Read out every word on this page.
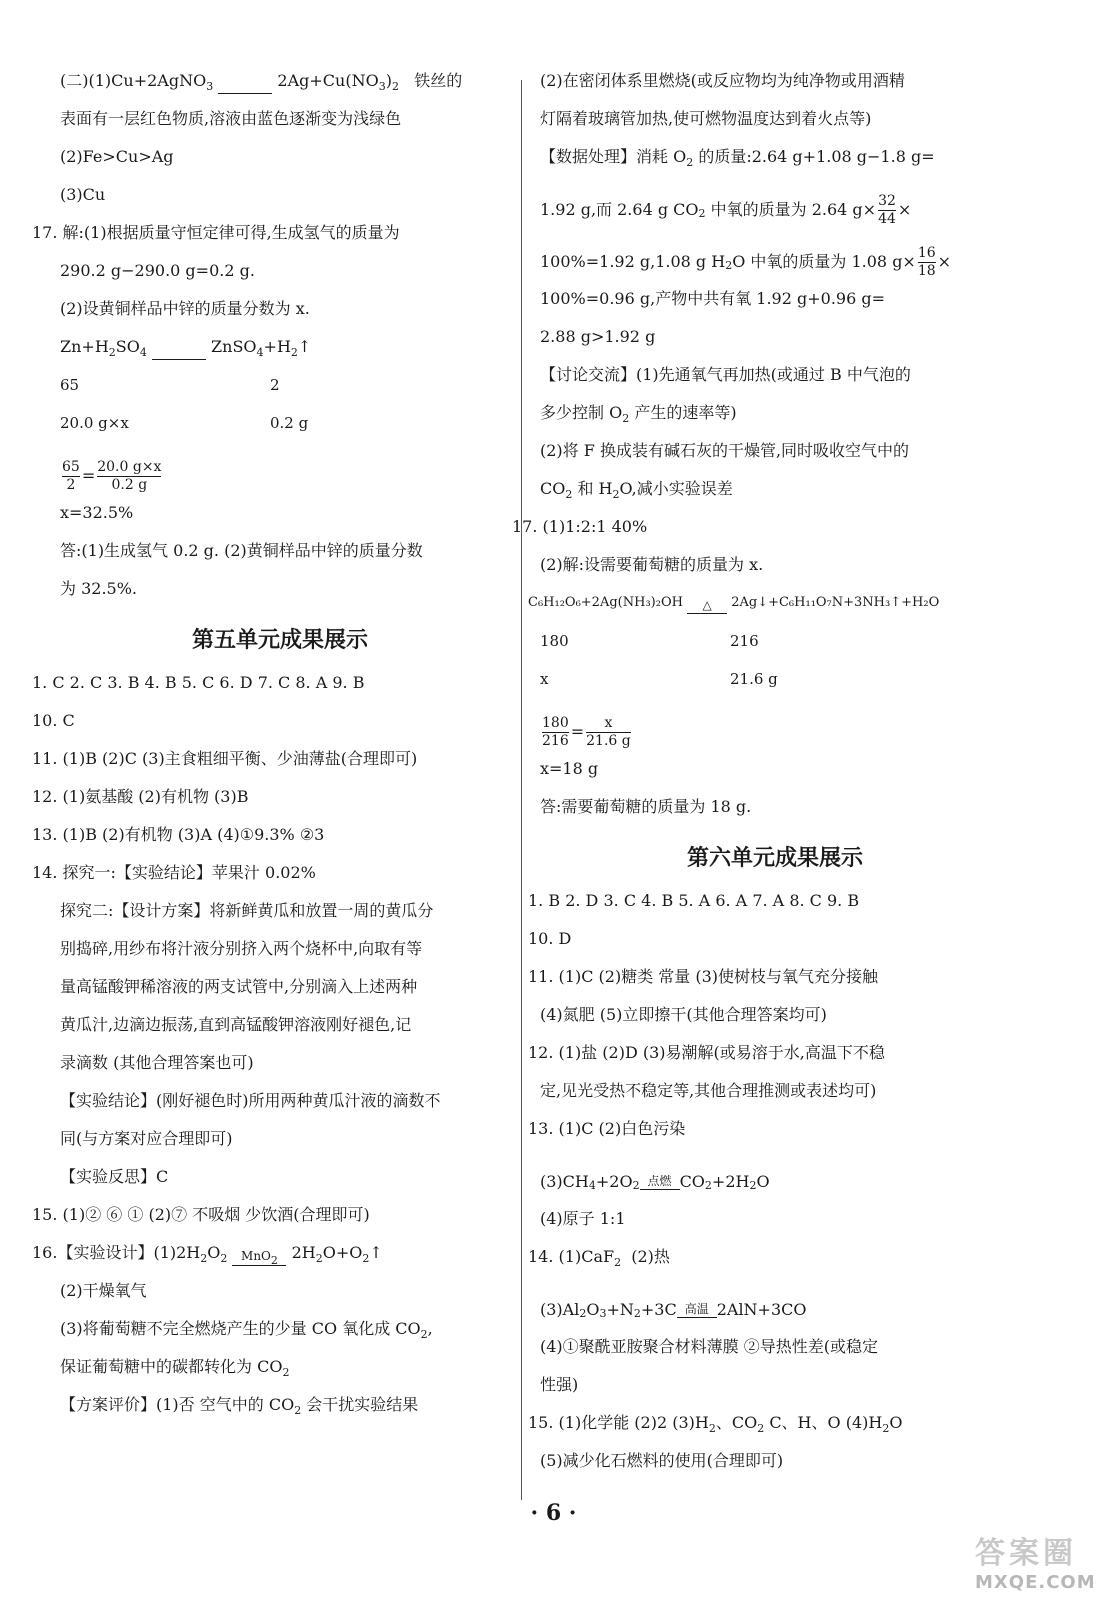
(二)(1)Cu+2AgNO$_3$	$2Ag+Cu(NO_3)_2$ 铁丝的
表面有一层红色物质,溶液由蓝色逐渐变为浅绿色
(2)Fe>Cu>Ag
(3)Cu
17. 解:(1)根据质量守恒定律可得,生成氢气的质量为
290.2 g−290.0 g=0.2 g.
(2)设黄铜样品中锌的质量分数为 x.
$Zn+H_2SO_4$	$ZnSO_4+H_2↑$
65	2
20.0 g×x	0.2 g
$\frac{65}{2} = \frac{20.0 g\times x}{0.2 g}$
x=32.5%
答:(1)生成氢气 0.2 g. (2)黄铜样品中锌的质量分数
为 32.5%.
第五单元成果展示
1. C 2. C 3. B 4. B 5. C 6. D 7. C 8. A 9. B
10. C
11. (1)B (2)C (3)主食粗细平衡、少油薄盐(合理即可)
12. (1)氨基酸 (2)有机物 (3)B
13. (1)B (2)有机物 (3)A (4)①9.3% ②3
14. 探究一:【实验结论】苹果汁 0.02%
探究二:【设计方案】将新鲜黄瓜和放置一周的黄瓜分
别捣碎,用纱布将汁液分别挤入两个烧杯中,向取有等
量高锰酸钾稀溶液的两支试管中,分别滴入上述两种
黄瓜汁,边滴边振荡,直到高锰酸钾溶液刚好褪色,记
录滴数 (其他合理答案也可)
【实验结论】(刚好褪色时)所用两种黄瓜汁液的滴数不
同(与方案对应合理即可)
【实验反思】C
15. (1)② ⑥ ① (2)⑦ 不吸烟 少饮酒(合理即可)
16.【实验设计】$(1)2H_2O_2$ MnO2 $2H_2O+O_2↑$
(2)干燥氧气
(3)将葡萄糖不完全燃烧产生的少量 CO 氧化成 $CO_2$,
保证葡萄糖中的碳都转化为 $CO_2$
【方案评价】(1)否 空气中的 $CO_2$ 会干扰实验结果
(2)在密闭体系里燃烧(或反应物均为纯净物或用酒精
灯隔着玻璃管加热,使可燃物温度达到着火点等)
【数据处理】消耗 $O_2$ 的质量:2.64 g+1.08 g−1.8 g=
1.92 g,而 2.64 g CO 2
中氧的质量为 2.64 $g\times \frac{32}{44}$ ×
100%=1.92 g,1.08 g H 2 O 中氧的质量为 1.08 $g\times \frac{16}{18}$ ×
100%=0.96 g,产物中共有氧 1.92 g+0.96 g=
2.88 g>1.92 g
【讨论交流】(1)先通氧气再加热(或通过 B 中气泡的
多少控制 $O_2$ 产生的速率等)
(2)将 F 换成装有碱石灰的干燥管,同时吸收空气中的
$CO_2$ 和 $H_2O$,减小实验误差
17. (1)1:2:1 40%
(2)解:设需要葡萄糖的质量为 x.
C₆H₁₂O₆+2Ag(NH₃)₂OH △ 2Ag↓+C₆H₁₁O₇N+3NH₃↑+H₂O
180	216
x	21.6 g
$\frac{180}{216} = \frac{x}{21.6 g}$
x=18 g
答:需要葡萄糖的质量为 18 g.
第六单元成果展示
1. B 2. D 3. C 4. B 5. A 6. A 7. A 8. C 9. B
10. D
11. (1)C (2)糖类 常量 (3)使树枝与氧气充分接触
(4)氮肥 (5)立即擦干(其他合理答案均可)
12. (1)盐 (2)D (3)易潮解(或易溶于水,高温下不稳
定,见光受热不稳定等,其他合理推测或表述均可)
13. (1)C (2)白色污染
(3)CH 4 +2O 2 点燃 CO 2 +2H 2 O
(4)原子 1:1
14. (1)CaF$_2$ (2)热
(3)Al 2 O 3 +N 2 +3C 高温 2AlN+3CO
(4)①聚酰亚胺聚合材料薄膜 ②导热性差(或稳定
性强)
15. (1)化学能 (2)2 $(3)H_2$、$CO_2$ C、H、O $(4)H_2O$
(5)减少化石燃料的使用(合理即可)
· 6 ·
答案圈
MXQE.COM
